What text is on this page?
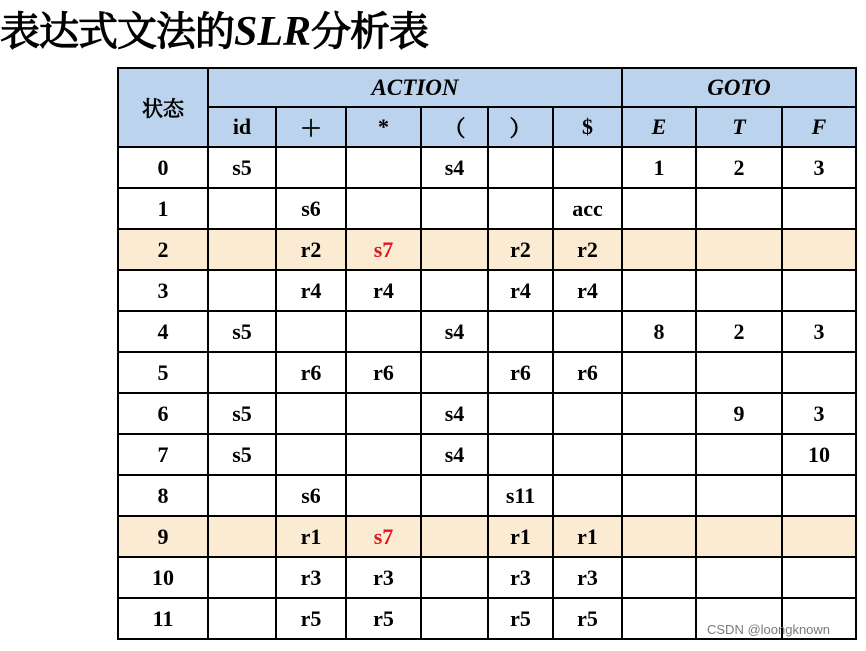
表达式文法的SLR分析表
状态	ACTION						GOTO		
	id	＋	*	（	）	$	E	T	F
0	s5			s4			1	2	3
1		s6				acc			
2		r2	s7		r2	r2			
3		r4	r4		r4	r4			
4	s5			s4			8	2	3
5		r6	r6		r6	r6			
6	s5			s4				9	3
7	s5			s4					10
8		s6			s11				
9		r1	s7		r1	r1			
10		r3	r3		r3	r3			
11		r5	r5		r5	r5				CSDN @loongknown
